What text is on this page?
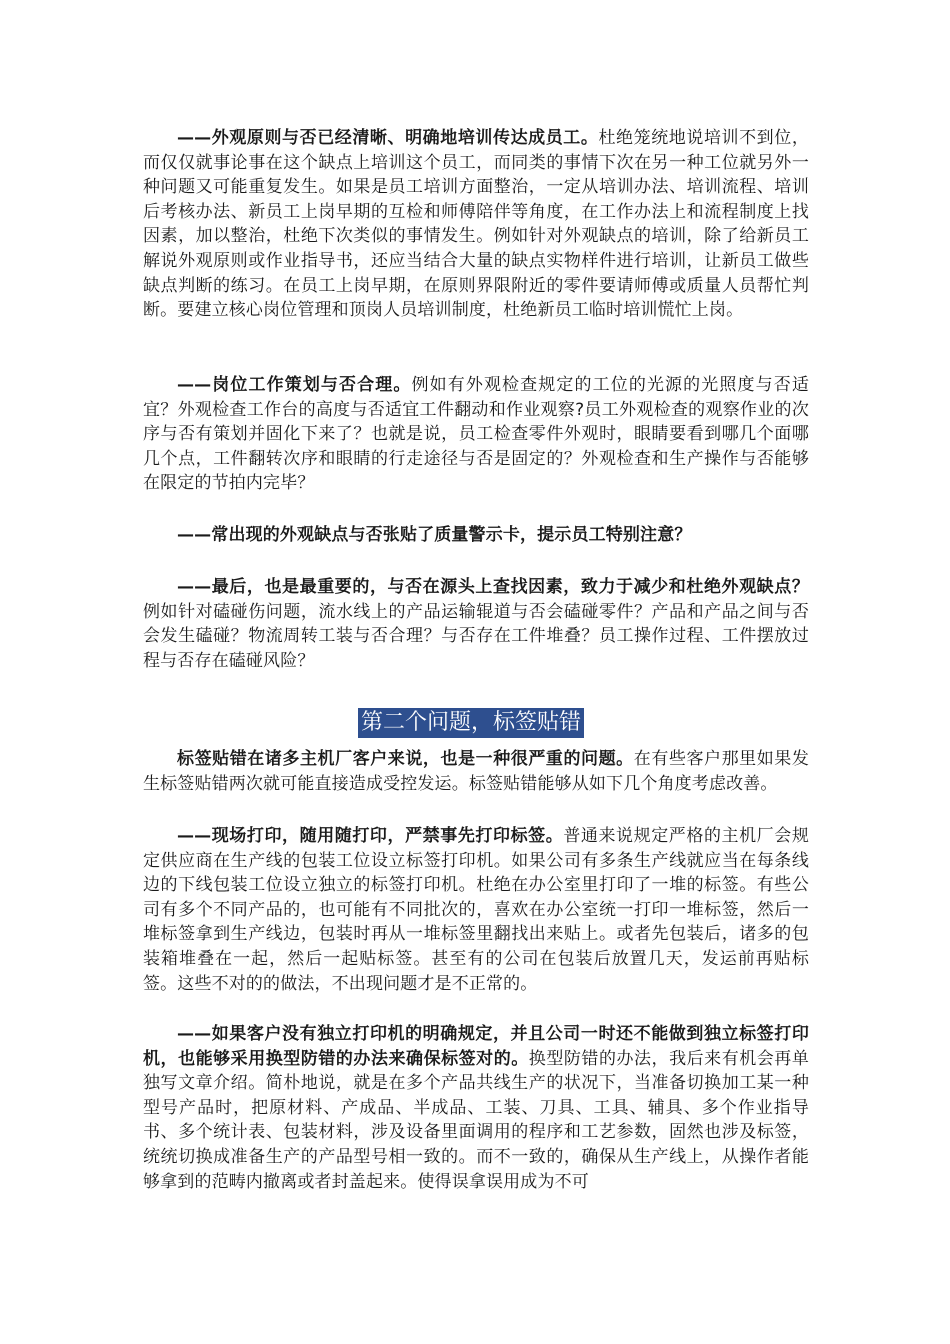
——外观原则与否已经清晰、明确地培训传达成员工。杜绝笼统地说培训不到位，而仅仅就事论事在这个缺点上培训这个员工，而同类的事情下次在另一种工位就另外一种问题又可能重复发生。如果是员工培训方面整治，一定从培训办法、培训流程、培训后考核办法、新员工上岗早期的互检和师傅陪伴等角度，在工作办法上和流程制度上找因素，加以整治，杜绝下次类似的事情发生。例如针对外观缺点的培训，除了给新员工解说外观原则或作业指导书，还应当结合大量的缺点实物样件进行培训，让新员工做些缺点判断的练习。在员工上岗早期，在原则界限附近的零件要请师傅或质量人员帮忙判断。要建立核心岗位管理和顶岗人员培训制度，杜绝新员工临时培训慌忙上岗。

——岗位工作策划与否合理。例如有外观检查规定的工位的光源的光照度与否适宜？外观检查工作台的高度与否适宜工件翻动和作业观察?员工外观检查的观察作业的次序与否有策划并固化下来了？也就是说，员工检查零件外观时，眼睛要看到哪几个面哪几个点，工件翻转次序和眼睛的行走途径与否是固定的？外观检查和生产操作与否能够在限定的节拍内完毕？

——常出现的外观缺点与否张贴了质量警示卡，提示员工特别注意？

——最后，也是最重要的，与否在源头上查找因素，致力于减少和杜绝外观缺点？例如针对磕碰伤问题，流水线上的产品运输辊道与否会磕碰零件？产品和产品之间与否会发生磕碰？物流周转工装与否合理？与否存在工件堆叠？员工操作过程、工件摆放过程与否存在磕碰风险？

第二个问题，标签贴错

标签贴错在诸多主机厂客户来说，也是一种很严重的问题。在有些客户那里如果发生标签贴错两次就可能直接造成受控发运。标签贴错能够从如下几个角度考虑改善。

——现场打印，随用随打印，严禁事先打印标签。普通来说规定严格的主机厂会规定供应商在生产线的包装工位设立标签打印机。如果公司有多条生产线就应当在每条线边的下线包装工位设立独立的标签打印机。杜绝在办公室里打印了一堆的标签。有些公司有多个不同产品的，也可能有不同批次的，喜欢在办公室统一打印一堆标签，然后一堆标签拿到生产线边，包装时再从一堆标签里翻找出来贴上。或者先包装后，诸多的包装箱堆叠在一起，然后一起贴标签。甚至有的公司在包装后放置几天，发运前再贴标签。这些不对的的做法，不出现问题才是不正常的。

——如果客户没有独立打印机的明确规定，并且公司一时还不能做到独立标签打印机，也能够采用换型防错的办法来确保标签对的。换型防错的办法，我后来有机会再单独写文章介绍。简朴地说，就是在多个产品共线生产的状况下，当准备切换加工某一种型号产品时，把原材料、产成品、半成品、工装、刀具、工具、辅具、多个作业指导书、多个统计表、包装材料，涉及设备里面调用的程序和工艺参数，固然也涉及标签，统统切换成准备生产的产品型号相一致的。而不一致的，确保从生产线上，从操作者能够拿到的范畴内撤离或者封盖起来。使得误拿误用成为不可
